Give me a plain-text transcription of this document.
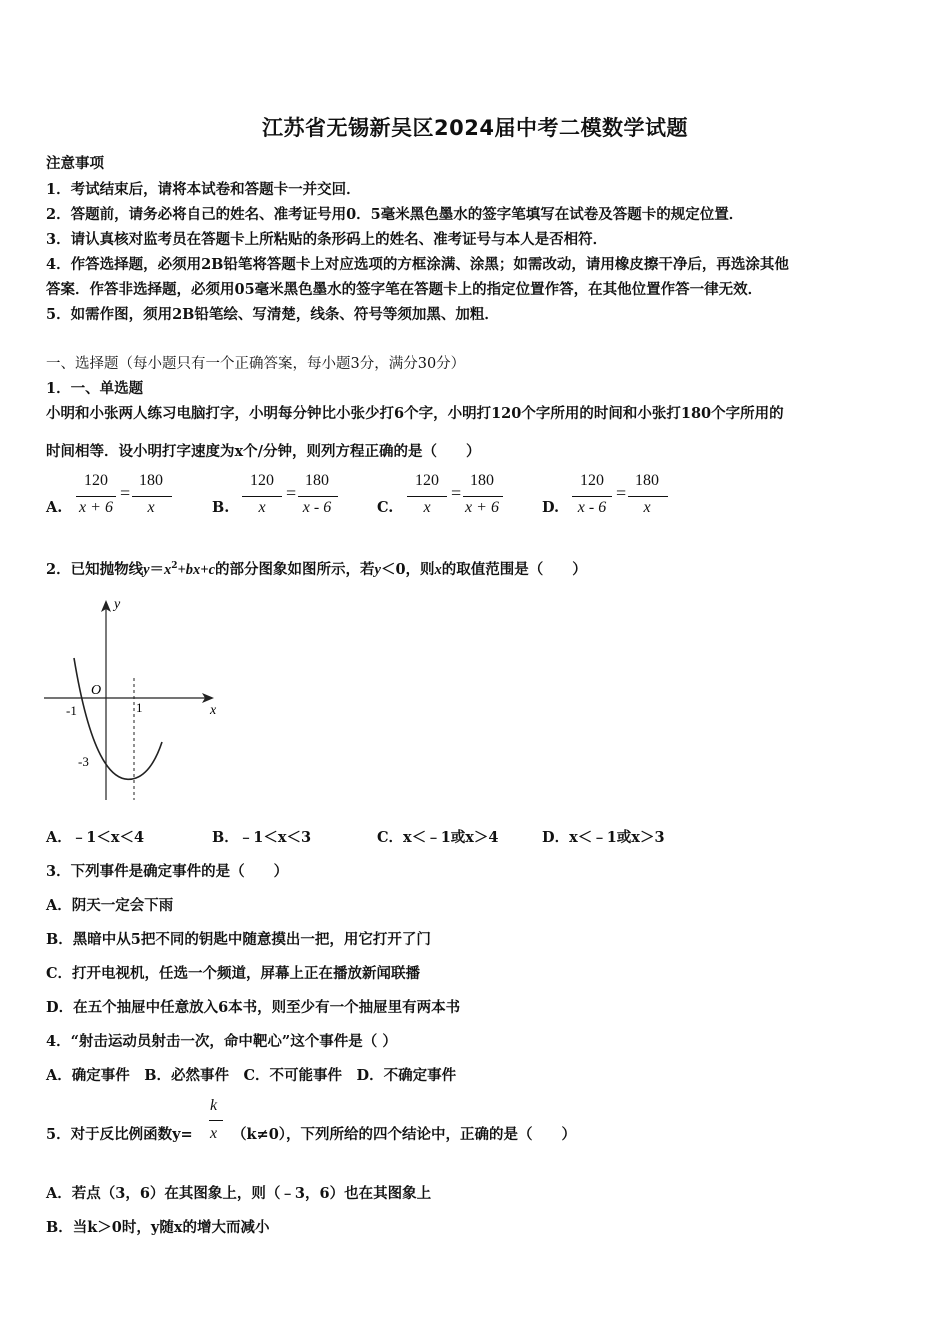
江苏省无锡新吴区2024届中考二模数学试题
注意事项
1．考试结束后，请将本试卷和答题卡一并交回．
2．答题前，请务必将自己的姓名、准考证号用0．5毫米黑色墨水的签字笔填写在试卷及答题卡的规定位置．
3．请认真核对监考员在答题卡上所粘贴的条形码上的姓名、准考证号与本人是否相符．
4．作答选择题，必须用2B铅笔将答题卡上对应选项的方框涂满、涂黑；如需改动，请用橡皮擦干净后，再选涂其他
答案．作答非选择题，必须用05毫米黑色墨水的签字笔在答题卡上的指定位置作答，在其他位置作答一律无效．
5．如需作图，须用2B铅笔绘、写清楚，线条、符号等须加黑、加粗．
一、选择题（每小题只有一个正确答案，每小题3分，满分30分）
1．一、单选题
小明和小张两人练习电脑打字，小明每分钟比小张少打6个字，小明打120个字所用的时间和小张打180个字所用的
时间相等．设小明打字速度为x个/分钟，则列方程正确的是（　　）
A.
120
x + 6
=
180
x	B.
120
x
=
180
x - 6	C.
120
x
=
180
x + 6	D.
120
x - 6
=
180
x
2．已知抛物线$y=x^2+bx+c$的部分图象如图所示，若y＜0，则x的取值范围是（　　）
y
x
O
-1	1
-3
A．﹣1＜x＜4	B．﹣1＜x＜3	C．x＜﹣1或x＞4	D．x＜﹣1或x＞3
3．下列事件是确定事件的是（　　）
A．阴天一定会下雨
B．黑暗中从5把不同的钥匙中随意摸出一把，用它打开了门
C．打开电视机，任选一个频道，屏幕上正在播放新闻联播
D．在五个抽屉中任意放入6本书，则至少有一个抽屉里有两本书
4．“射击运动员射击一次，命中靶心”这个事件是（ ）
A．确定事件　B．必然事件　C．不可能事件　D．不确定事件
5．对于反比例函数y=
k
x （k≠0），下列所给的四个结论中，正确的是（　　）
A．若点（3，6）在其图象上，则（﹣3，6）也在其图象上
B．当k＞0时，y随x的增大而减小
